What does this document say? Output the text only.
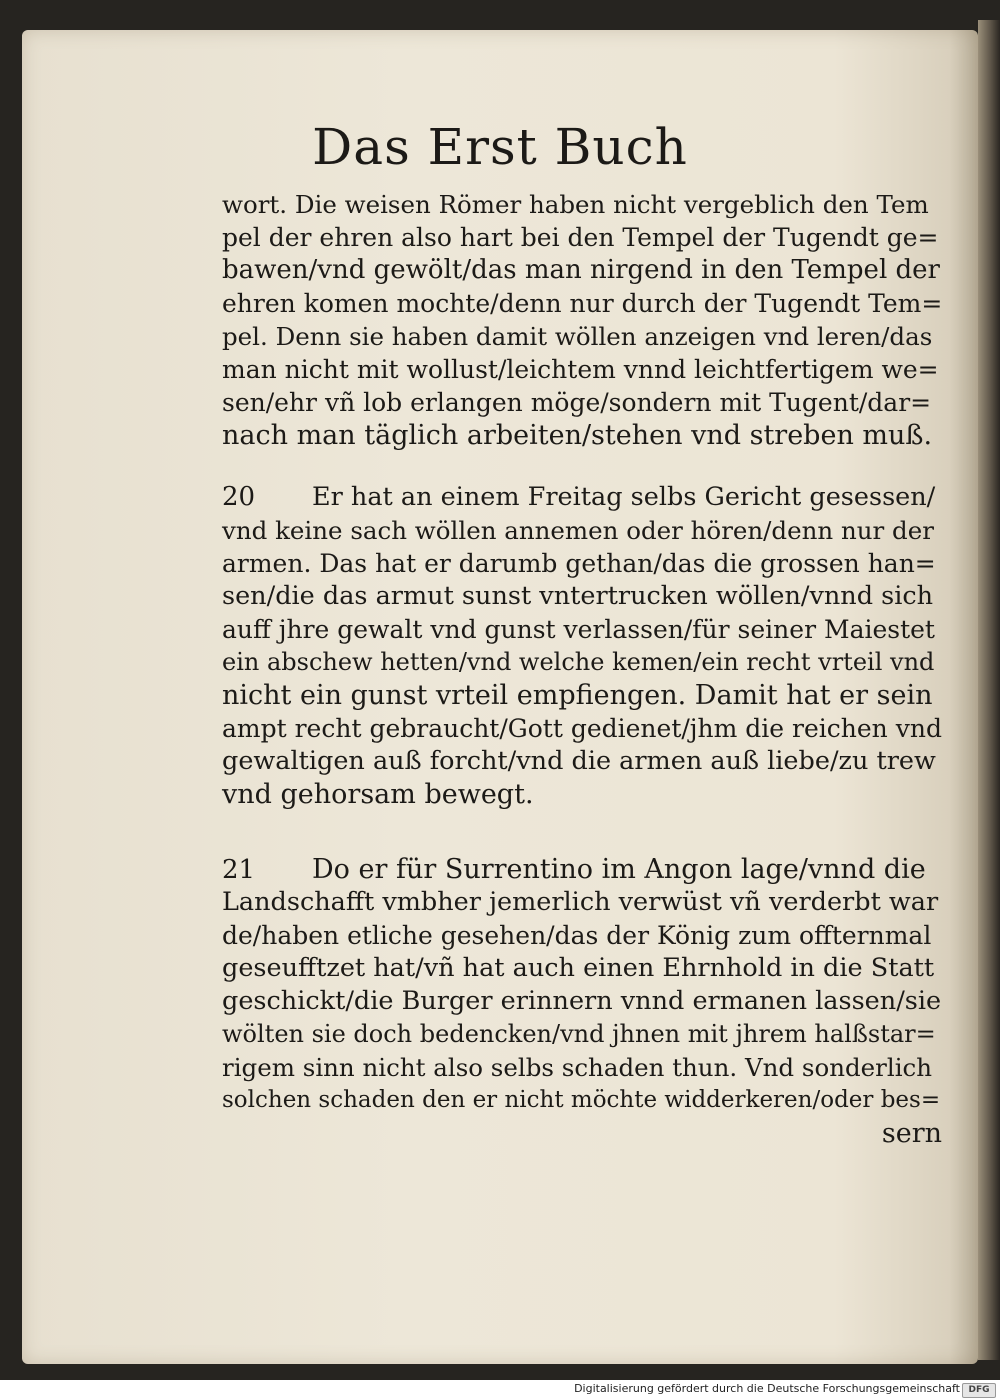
Das Erst Buch
wort. Die weisen Römer haben nicht vergeblich den Tem
pel der ehren also hart bei den Tempel der Tugendt ge=
bawen/vnd gewölt/das man nirgend in den Tempel der
ehren komen mochte/denn nur durch der Tugendt Tem=
pel. Denn sie haben damit wöllen anzeigen vnd leren/das
man nicht mit wollust/leichtem vnnd leichtfertigem we=
sen/ehr vñ lob erlangen möge/sondern mit Tugent/dar=
nach man täglich arbeiten/stehen vnd streben muß.
20 Er hat an einem Freitag selbs Gericht gesessen/
vnd keine sach wöllen annemen oder hören/denn nur der
armen. Das hat er darumb gethan/das die grossen han=
sen/die das armut sunst vntertrucken wöllen/vnnd sich
auff jhre gewalt vnd gunst verlassen/für seiner Maiestet
ein abschew hetten/vnd welche kemen/ein recht vrteil vnd
nicht ein gunst vrteil empfiengen. Damit hat er sein
ampt recht gebraucht/Gott gedienet/jhm die reichen vnd
gewaltigen auß forcht/vnd die armen auß liebe/zu trew
vnd gehorsam bewegt.
21 Do er für Surrentino im Angon lage/vnnd die
Landschafft vmbher jemerlich verwüst vñ verderbt war
de/haben etliche gesehen/das der König zum offternmal
geseufftzet hat/vñ hat auch einen Ehrnhold in die Statt
geschickt/die Burger erinnern vnnd ermanen lassen/sie
wölten sie doch bedencken/vnd jhnen mit jhrem halßstar=
rigem sinn nicht also selbs schaden thun. Vnd sonderlich
solchen schaden den er nicht möchte widderkeren/oder bes=
sern
Digitalisierung gefördert durch die Deutsche Forschungsgemeinschaft DFG
